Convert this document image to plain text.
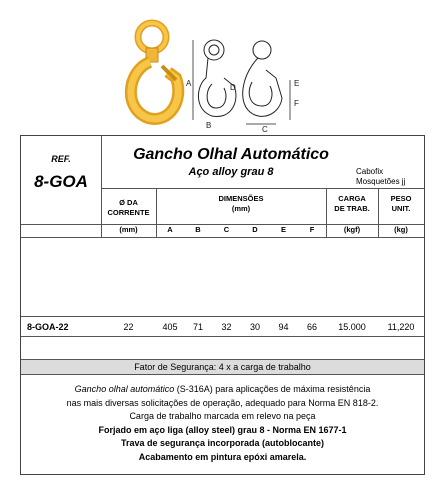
A
B	C
D	E
F
REF.
8-GOA
Gancho Olhal Automático
Aço alloy grau 8	Cabofix
Mosquetões jj
Ø DA
CORRENTE
DIMENSÕES
(mm)
CARGA
DE TRAB.
PESO
UNIT.
(mm)	A	B	C	D	E	F	(kgf)	(kg)
8-GOA-22	22	405	71	32	30	94	66	15.000	11,220
Fator de Segurança: 4 x a carga de trabalho
Gancho olhal automático (S-316A) para aplicações de máxima resistência
nas mais diversas solicitações de operação, adequado para Norma EN 818-2.
Carga de trabalho marcada em relevo na peça
Forjado em aço liga (alloy steel) grau 8 - Norma EN 1677-1
Trava de segurança incorporada (autoblocante)
Acabamento em pintura epóxi amarela.
